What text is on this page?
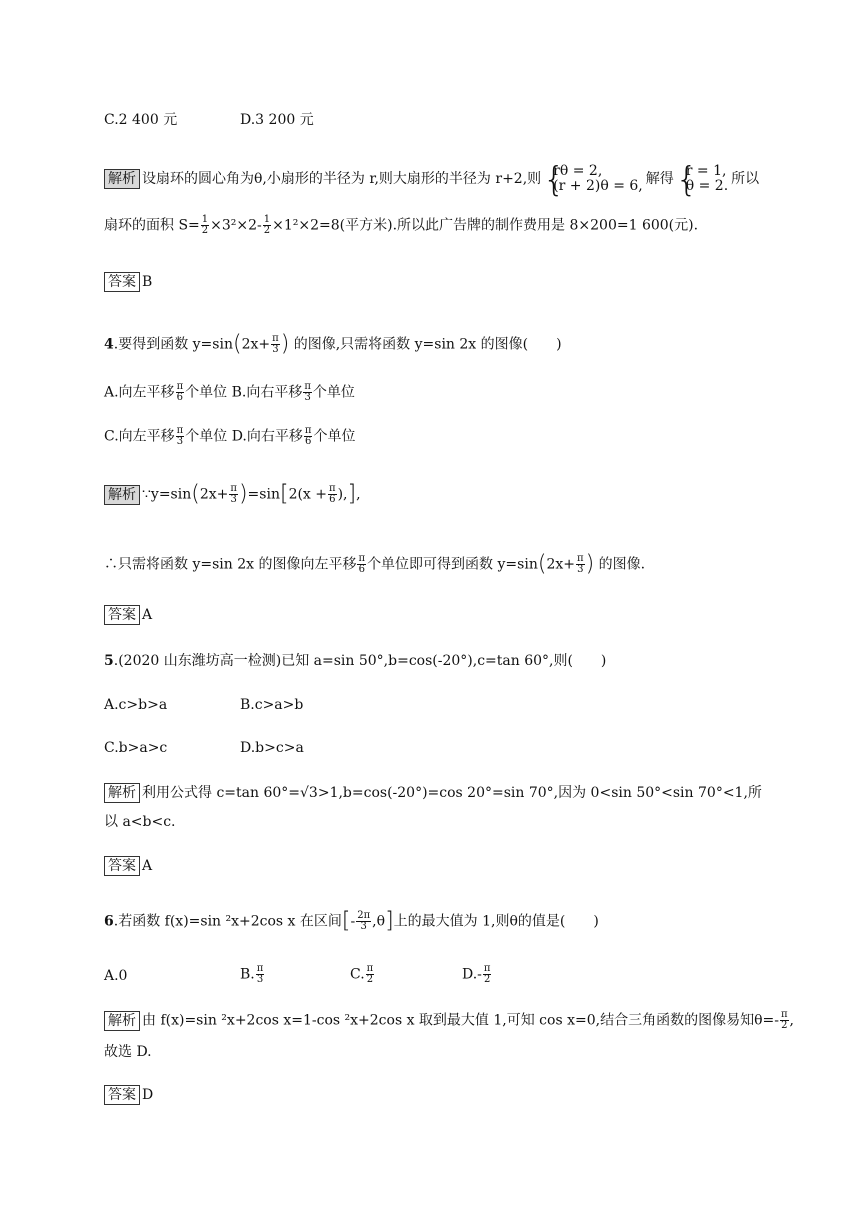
C.2 400 元	D.3 200 元
解析 设扇环的圆心角为θ,小扇形的半径为 r,则大扇形的半径为 r+2,则 { rθ = 2,
(r + 2)θ = 6, 解得 { r = 1,
θ = 2. 所以
扇环的面积 $S= \frac{1}{2} \times 3^2\times 2- \frac{1}{2} \times 1^2\times 2=8$(平方米).所以此广告牌的制作费用是 8×200=1 600(元).
答案 B
4.要得到函数 $y=\sin(2x+ \frac{\pi}{3}$ ) 的图像,只需将函数 y=sin 2x 的图像(　　)
A.向左平移 $\frac{\pi}{6}$ 个单位 B.向右平移 $\frac{\pi}{3}$ 个单位
C.向左平移 $\frac{\pi}{3}$ 个单位 D.向右平移 $\frac{\pi}{6}$ 个单位
解析 ∵y=sin(2x+ $\frac{\pi}{3} )=\sin[2(x + \frac{\pi}{6}$ ),],
∴只需将函数 y=sin 2x 的图像向左平移 $\frac{\pi}{6}$ 个单位即可得到函数 $y=\sin(2x+ \frac{\pi}{3}$ ) 的图像.
答案 A
5.(2020 山东潍坊高一检测)已知 a=sin 50°,b=cos(-20°),c=tan 60°,则(　　)
A.c>b>a	B.c>a>b
C.b>a>c	D.b>c>a
解析 利用公式得 c=tan 60°=√3>1,b=cos(-20°)=cos 20°=sin 70°,因为 0<sin 50°<sin 70°<1,所
以 a<b<c.
答案 A
6.若函数 f(x)=sin ²x+2cos x 在区间[- $\frac{2\pi}{3} ,\theta$]上的最大值为 1,则θ的值是(　　)
A.0	B. $\frac{\pi}{3}$	C. $\frac{\pi}{2}$	$D.- \frac{\pi}{2}$
解析 由 f(x)=sin ²x+2cos x=1-cos ²x+2cos x 取到最大值 1,可知 cos x=0,结合三角函数的图像易知$\theta=- \frac{\pi}{2}$ ,
故选 D.
答案 D
